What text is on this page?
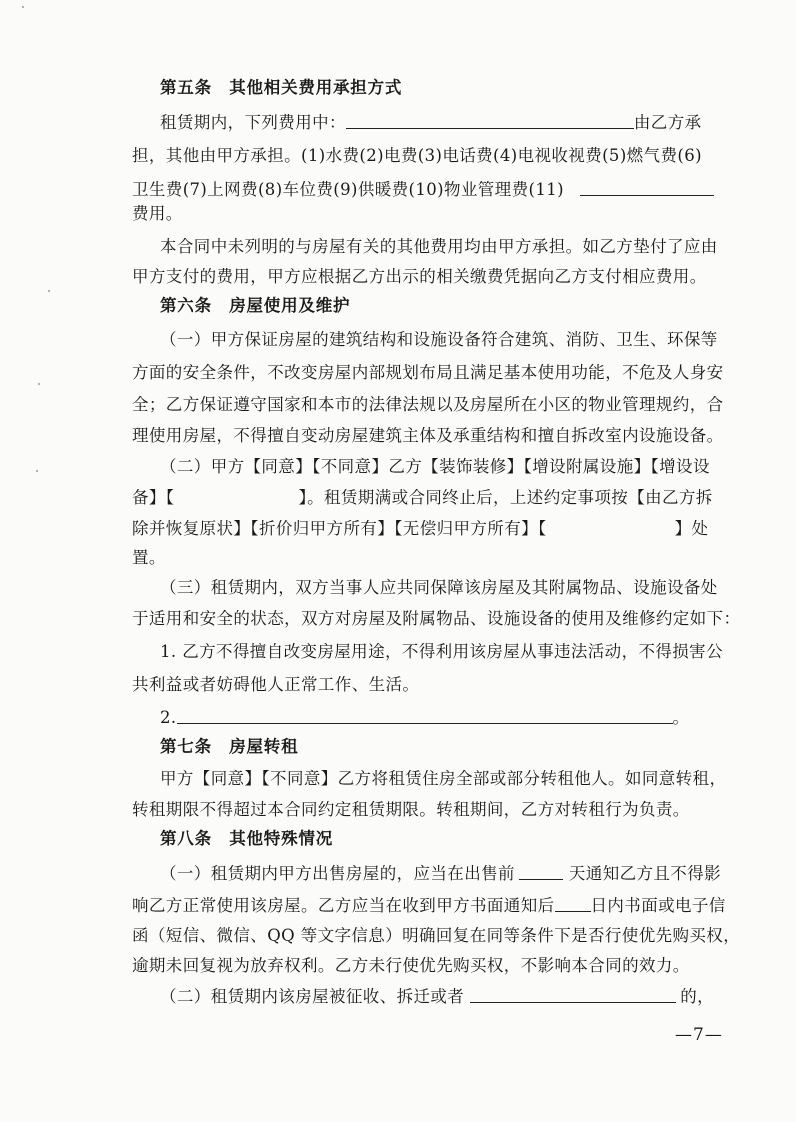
第五条　其他相关费用承担方式
租赁期内，下列费用中：	由乙方承
担，其他由甲方承担。(1)水费(2)电费(3)电话费(4)电视收视费(5)燃气费(6)
卫生费(7)上网费(8)车位费(9)供暖费(10)物业管理费(11)
费用。
本合同中未列明的与房屋有关的其他费用均由甲方承担。如乙方垫付了应由
甲方支付的费用，甲方应根据乙方出示的相关缴费凭据向乙方支付相应费用。
第六条　房屋使用及维护
（一）甲方保证房屋的建筑结构和设施设备符合建筑、消防、卫生、环保等
方面的安全条件，不改变房屋内部规划布局且满足基本使用功能，不危及人身安
全；乙方保证遵守国家和本市的法律法规以及房屋所在小区的物业管理规约，合
理使用房屋，不得擅自变动房屋建筑主体及承重结构和擅自拆改室内设施设备。
（二）甲方【同意】【不同意】乙方【装饰装修】【增设附属设施】【增设设
备】【	】。租赁期满或合同终止后，上述约定事项按【由乙方拆
除并恢复原状】【折价归甲方所有】【无偿归甲方所有】【	】处
置。
（三）租赁期内，双方当事人应共同保障该房屋及其附属物品、设施设备处
于适用和安全的状态，双方对房屋及附属物品、设施设备的使用及维修约定如下：
1. 乙方不得擅自改变房屋用途，不得利用该房屋从事违法活动，不得损害公
共利益或者妨碍他人正常工作、生活。
2.	。
第七条　房屋转租
甲方【同意】【不同意】乙方将租赁住房全部或部分转租他人。如同意转租，
转租期限不得超过本合同约定租赁期限。转租期间，乙方对转租行为负责。
第八条　其他特殊情况
（一）租赁期内甲方出售房屋的，应当在出售前	天通知乙方且不得影
响乙方正常使用该房屋。乙方应当在收到甲方书面通知后 日内书面或电子信
函（短信、微信、QQ 等文字信息）明确回复在同等条件下是否行使优先购买权，
逾期未回复视为放弃权利。乙方未行使优先购买权，不影响本合同的效力。
（二）租赁期内该房屋被征收、拆迁或者	的，
—7—
